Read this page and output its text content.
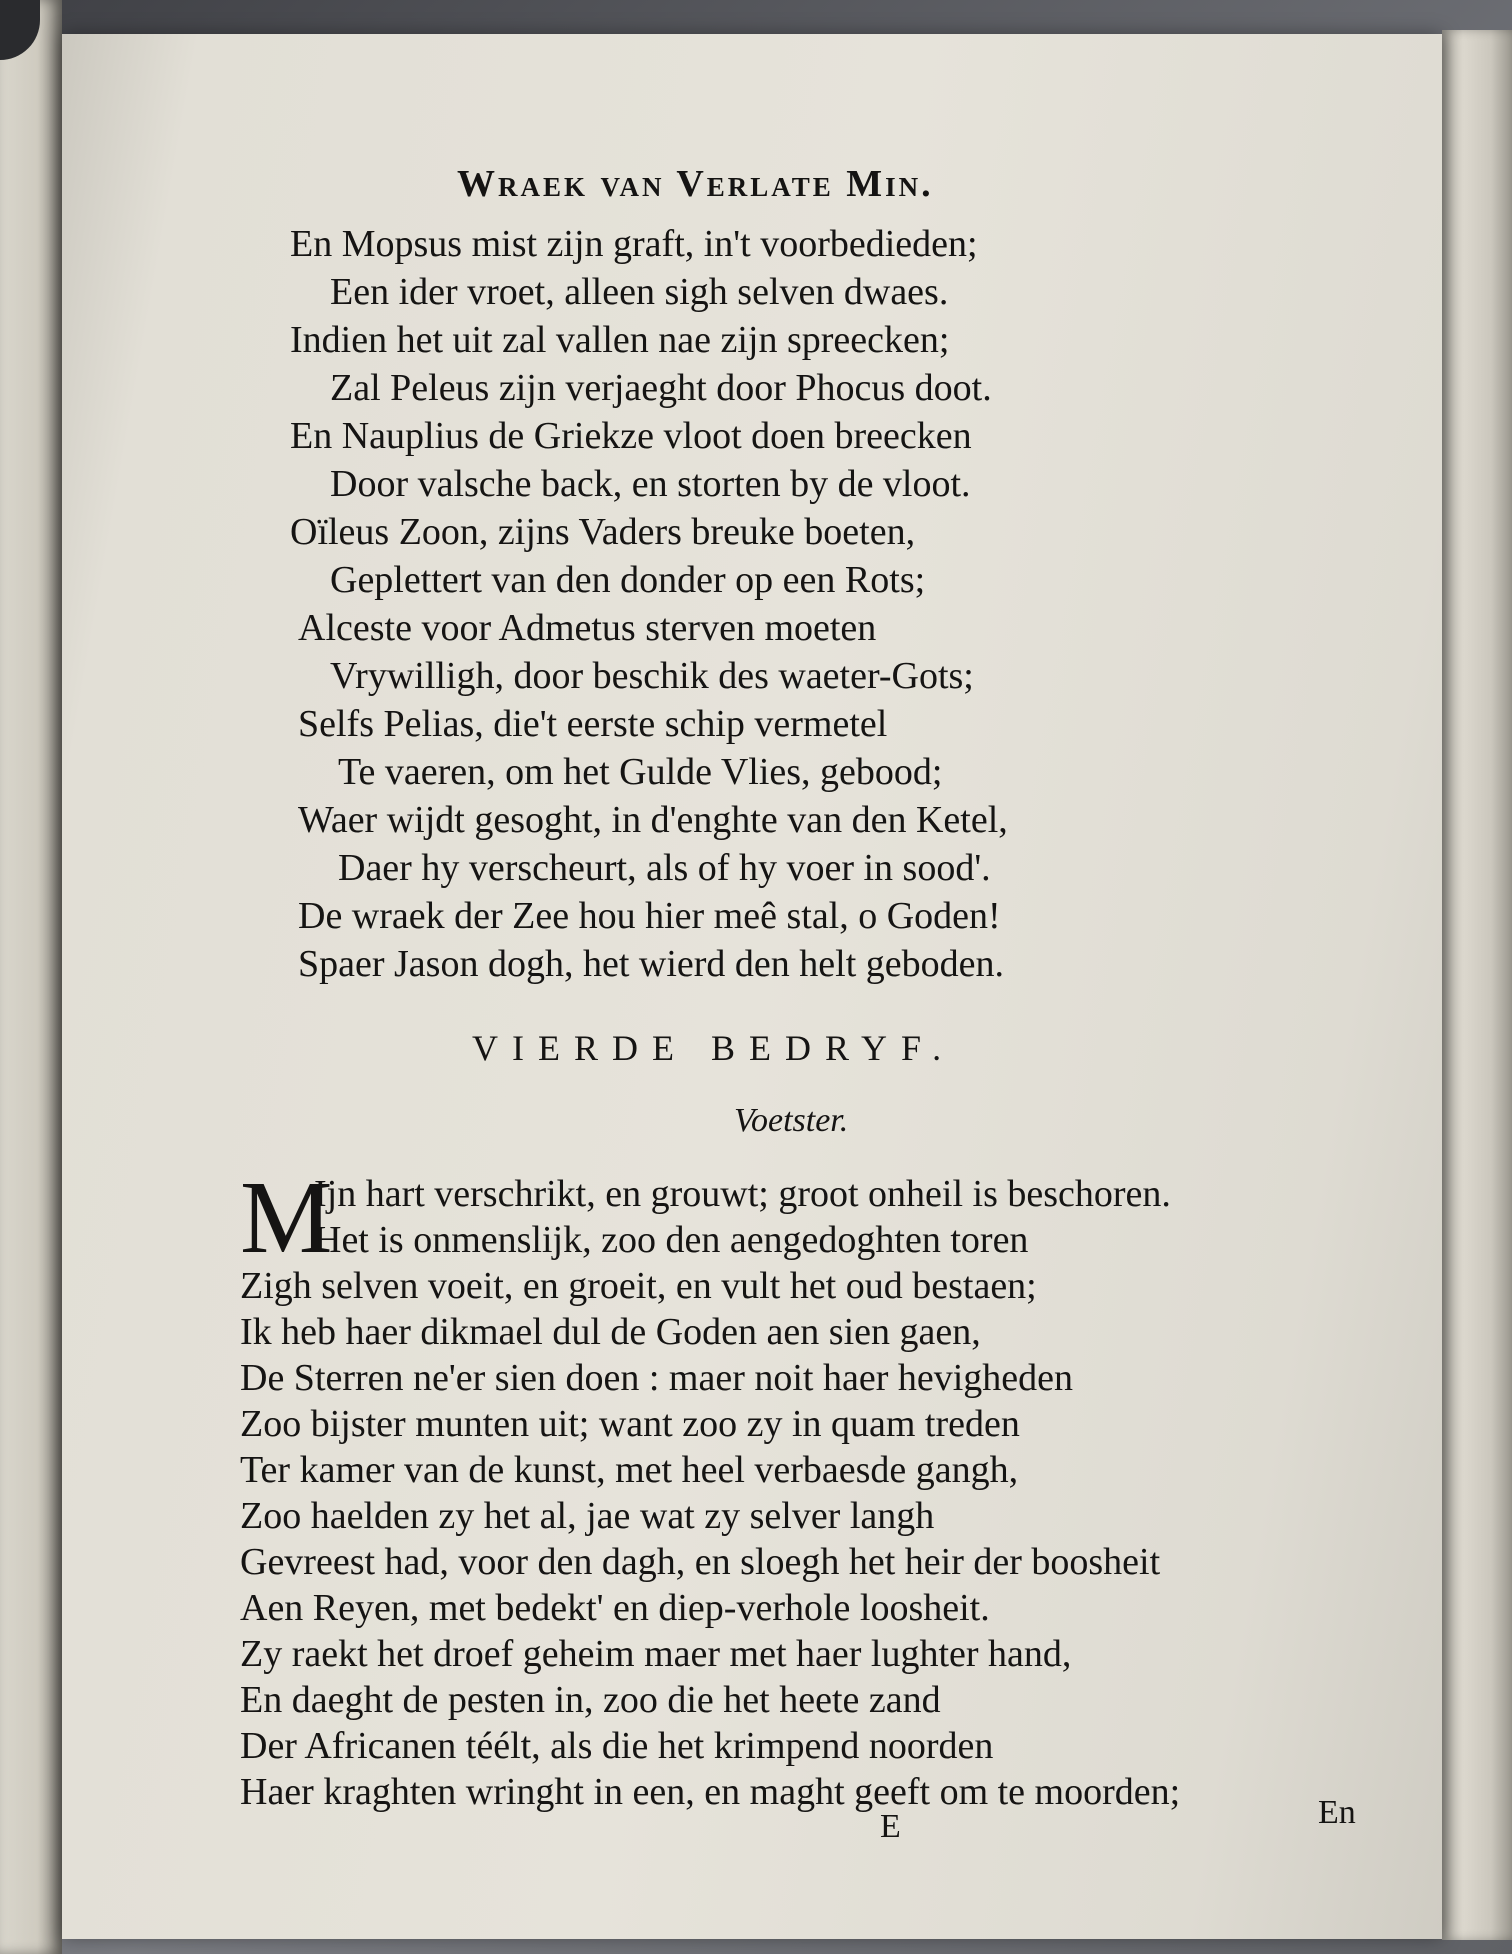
Wraek van Verlate Min.
En Mopsus mist zijn graft, in't voorbedieden;
Een ider vroet, alleen sigh selven dwaes.
Indien het uit zal vallen nae zijn spreecken;
Zal Peleus zijn verjaeght door Phocus doot.
En Nauplius de Griekze vloot doen breecken
Door valsche back, en storten by de vloot.
Oïleus Zoon, zijns Vaders breuke boeten,
Geplettert van den donder op een Rots;
Alceste voor Admetus sterven moeten
Vrywilligh, door beschik des waeter-Gots;
Selfs Pelias, die't eerste schip vermetel
Te vaeren, om het Gulde Vlies, gebood;
Waer wijdt gesoght, in d'enghte van den Ketel,
Daer hy verscheurt, als of hy voer in sood'.
De wraek der Zee hou hier meê stal, o Goden!
Spaer Jason dogh, het wierd den helt geboden.
VIERDE BEDRYF.
Voetster.
M
Ijn hart verschrikt, en grouwt; groot onheil is beschoren.
Het is onmenslijk, zoo den aengedoghten toren
Zigh selven voeit, en groeit, en vult het oud bestaen;
Ik heb haer dikmael dul de Goden aen sien gaen,
De Sterren ne'er sien doen : maer noit haer hevigheden
Zoo bijster munten uit; want zoo zy in quam treden
Ter kamer van de kunst, met heel verbaesde gangh,
Zoo haelden zy het al, jae wat zy selver langh
Gevreest had, voor den dagh, en sloegh het heir der boosheit
Aen Reyen, met bedekt' en diep-verhole loosheit.
Zy raekt het droef geheim maer met haer lughter hand,
En daeght de pesten in, zoo die het heete zand
Der Africanen téélt, als die het krimpend noorden
Haer kraghten wringht in een, en maght geeft om te moorden;
E	En
